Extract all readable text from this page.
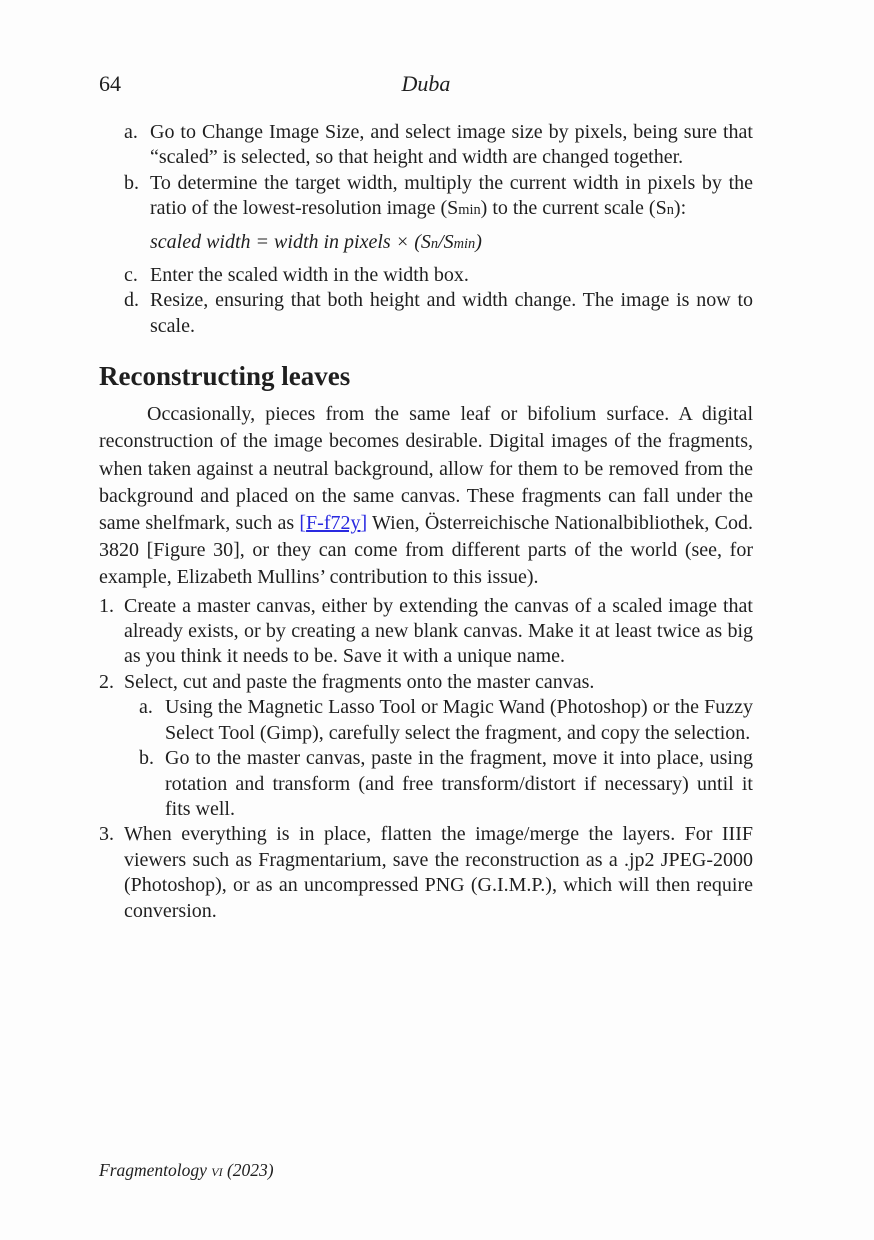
64	Duba
a. Go to Change Image Size, and select image size by pixels, being sure that “scaled” is selected, so that height and width are changed together.
b. To determine the target width, multiply the current width in pixels by the ratio of the lowest-resolution image (Smin) to the current scale (Sn):
scaled width = width in pixels × (Sn/Smin)
c. Enter the scaled width in the width box.
d. Resize, ensuring that both height and width change. The image is now to scale.
Reconstructing leaves

Occasionally, pieces from the same leaf or bifolium surface. A digital reconstruction of the image becomes desirable. Digital images of the fragments, when taken against a neutral background, allow for them to be removed from the background and placed on the same canvas. These fragments can fall under the same shelfmark, such as [F-f72y] Wien, Österreichische Nationalbibliothek, Cod. 3820 [Figure 30], or they can come from different parts of the world (see, for example, Elizabeth Mullins’ contribution to this issue).

1. Create a master canvas, either by extending the canvas of a scaled image that already exists, or by creating a new blank canvas. Make it at least twice as big as you think it needs to be. Save it with a unique name.
2. Select, cut and paste the fragments onto the master canvas.
a. Using the Magnetic Lasso Tool or Magic Wand (Photoshop) or the Fuzzy Select Tool (Gimp), carefully select the fragment, and copy the selection.
b. Go to the master canvas, paste in the fragment, move it into place, using rotation and transform (and free transform/distort if necessary) until it fits well.
3. When everything is in place, flatten the image/merge the layers. For IIIF viewers such as Fragmentarium, save the reconstruction as a .jp2 JPEG-2000 (Photoshop), or as an uncompressed PNG (G.I.M.P.), which will then require conversion.
Fragmentology vi (2023)
